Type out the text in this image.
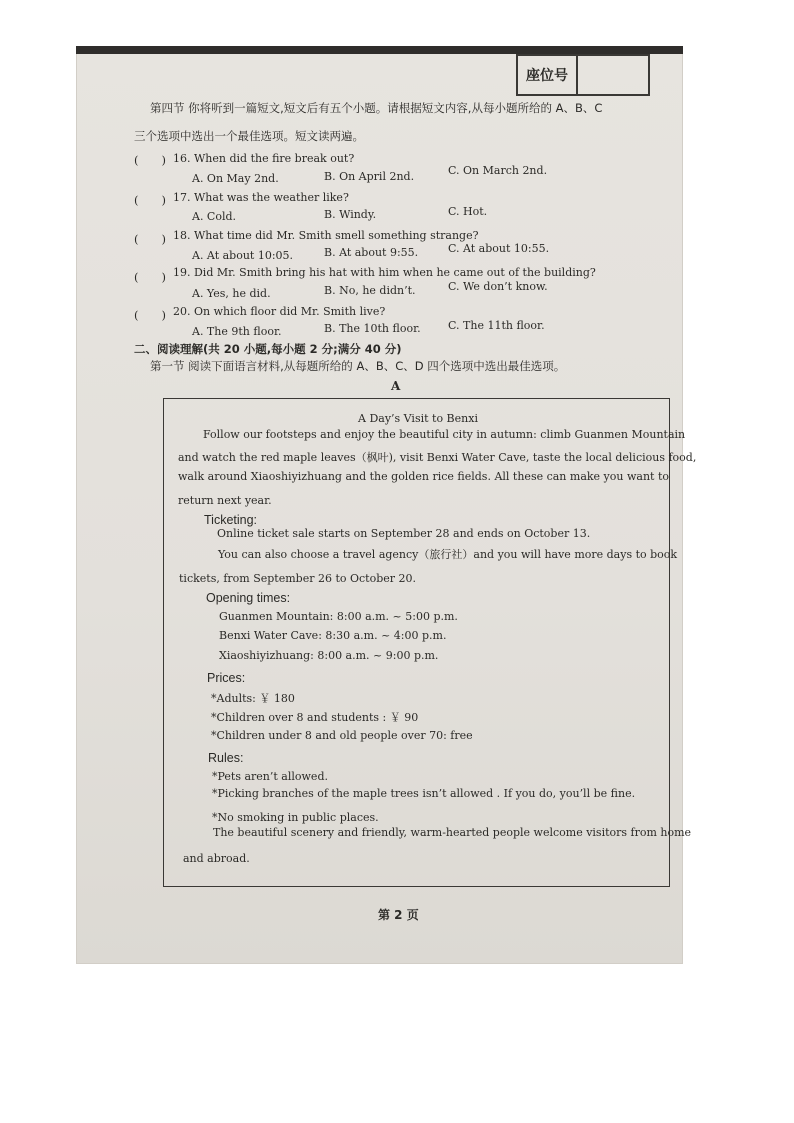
座位号
第四节 你将听到一篇短文,短文后有五个小题。请根据短文内容,从每小题所给的 A、B、C
三个选项中选出一个最佳选项。短文读两遍。
(　　) 16. When did the fire break out?
A. On May 2nd.	B. On April 2nd.	C. On March 2nd.
(　　) 17. What was the weather like?
A. Cold.	B. Windy.	C. Hot.
(　　) 18. What time did Mr. Smith smell something strange?
A. At about 10:05.	B. At about 9:55.	C. At about 10:55.
(　　) 19. Did Mr. Smith bring his hat with him when he came out of the building?
A. Yes, he did.	B. No, he didn’t.	C. We don’t know.
(　　) 20. On which floor did Mr. Smith live?
A. The 9th floor.	B. The 10th floor. C. The 11th floor.
二、阅读理解(共 20 小题,每小题 2 分;满分 40 分)
第一节 阅读下面语言材料,从每题所给的 A、B、C、D 四个选项中选出最佳选项。
A
A Day’s Visit to Benxi
Follow our footsteps and enjoy the beautiful city in autumn: climb Guanmen Mountain
and watch the red maple leaves（枫叶), visit Benxi Water Cave, taste the local delicious food,
walk around Xiaoshiyizhuang and the golden rice fields. All these can make you want to
return next year.
Ticketing:
Online ticket sale starts on September 28 and ends on October 13.
You can also choose a travel agency（旅行社）and you will have more days to book
tickets, from September 26 to October 20.
Opening times:
Guanmen Mountain: 8:00 a.m. ~ 5:00 p.m.
Benxi Water Cave: 8:30 a.m. ~ 4:00 p.m.
Xiaoshiyizhuang: 8:00 a.m. ~ 9:00 p.m.
Prices:
*Adults: ￥ 180
*Children over 8 and students : ￥ 90
*Children under 8 and old people over 70: free
Rules:
*Pets aren’t allowed.
*Picking branches of the maple trees isn’t allowed . If you do, you’ll be fine.
*No smoking in public places.
The beautiful scenery and friendly, warm-hearted people welcome visitors from home
and abroad.
第 2 页
